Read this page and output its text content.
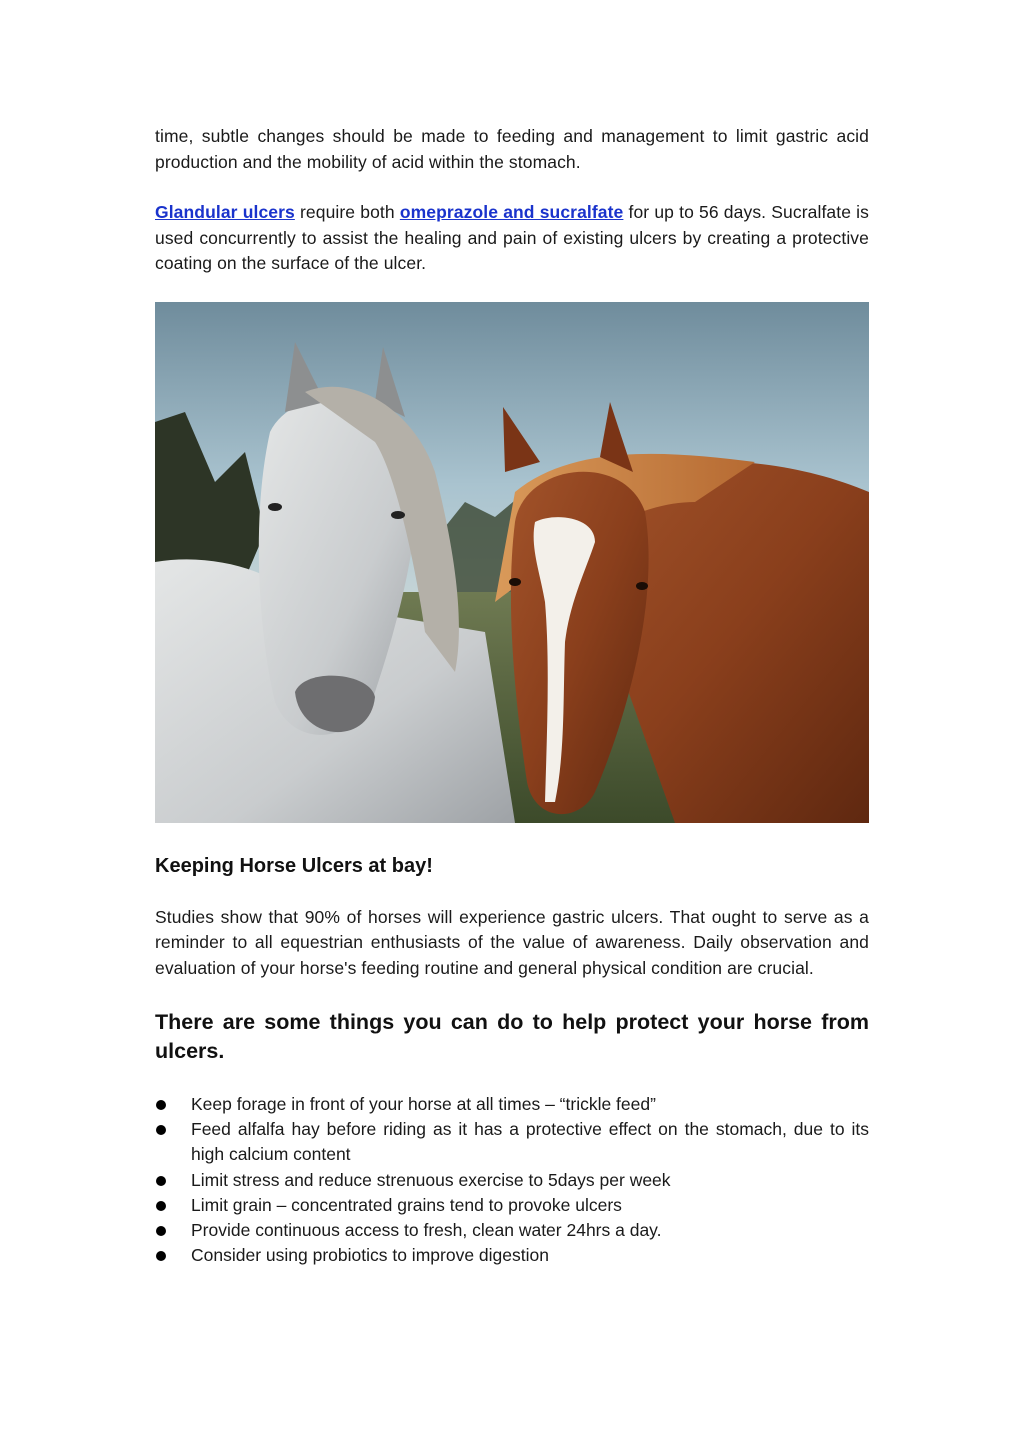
time, subtle changes should be made to feeding and management to limit gastric acid production and the mobility of acid within the stomach.

Glandular ulcers require both omeprazole and sucralfate for up to 56 days. Sucralfate is used concurrently to assist the healing and pain of existing ulcers by creating a protective coating on the surface of the ulcer.

Keeping Horse Ulcers at bay!

Studies show that 90% of horses will experience gastric ulcers. That ought to serve as a reminder to all equestrian enthusiasts of the value of awareness. Daily observation and evaluation of your horse's feeding routine and general physical condition are crucial.

There are some things you can do to help protect your horse from ulcers.
Keep forage in front of your horse at all times – “trickle feed”
Feed alfalfa hay before riding as it has a protective effect on the stomach, due to its high calcium content
Limit stress and reduce strenuous exercise to 5days per week
Limit grain – concentrated grains tend to provoke ulcers
Provide continuous access to fresh, clean water 24hrs a day.
Consider using probiotics to improve digestion
